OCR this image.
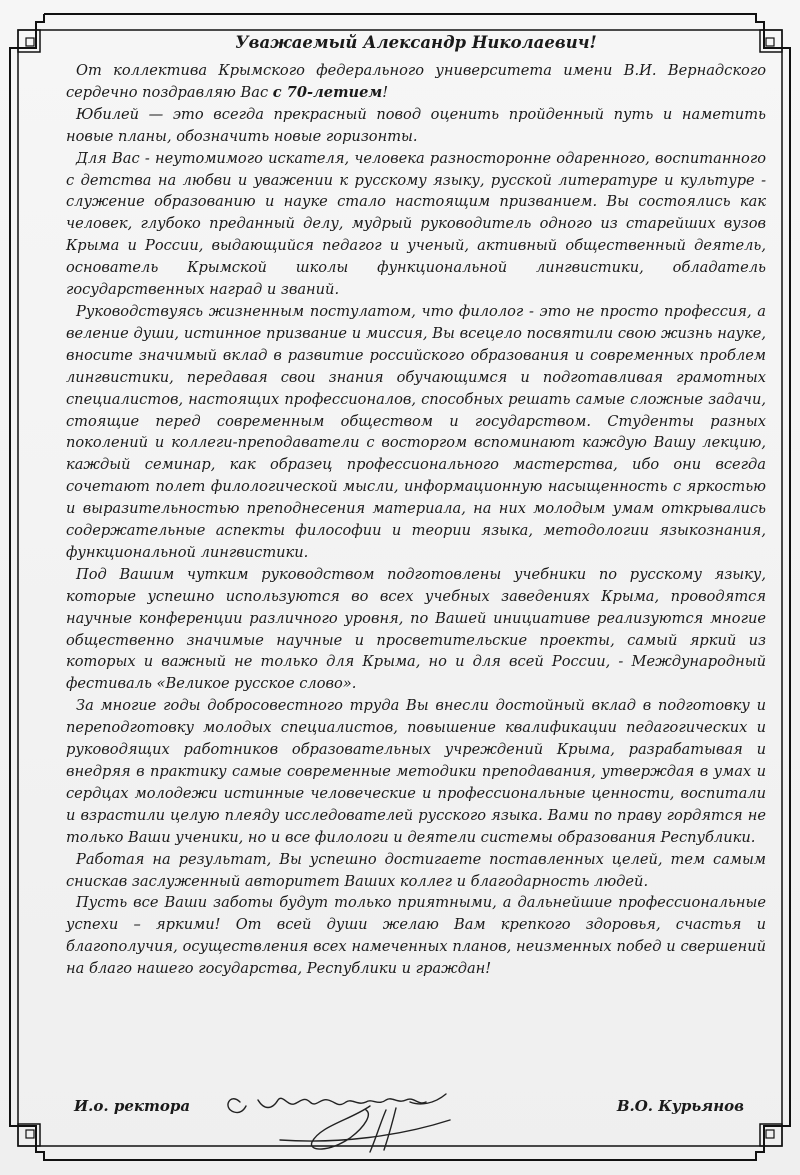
Уважаемый Александр Николаевич!

От коллектива Крымского федерального университета имени В.И. Вернадского сердечно поздравляю Вас с 70-летием!

Юбилей — это всегда прекрасный повод оценить пройденный путь и наметить новые планы, обозначить новые горизонты.

Для Вас - неутомимого искателя, человека разносторонне одаренного, воспитанного с детства на любви и уважении к русскому языку, русской литературе и культуре - служение образованию и науке стало настоящим призванием. Вы состоялись как человек, глубоко преданный делу, мудрый руководитель одного из старейших вузов Крыма и России, выдающийся педагог и ученый, активный общественный деятель, основатель Крымской школы функциональной лингвистики, обладатель государственных наград и званий.

Руководствуясь жизненным постулатом, что филолог - это не просто профессия, а веление души, истинное призвание и миссия, Вы всецело посвятили свою жизнь науке, вносите значимый вклад в развитие российского образования и современных проблем лингвистики, передавая свои знания обучающимся и подготавливая грамотных специалистов, настоящих профессионалов, способных решать самые сложные задачи, стоящие перед современным обществом и государством. Студенты разных поколений и коллеги-преподаватели с восторгом вспоминают каждую Вашу лекцию, каждый семинар, как образец профессионального мастерства, ибо они всегда сочетают полет филологической мысли, информационную насыщенность с яркостью и выразительностью преподнесения материала, на них молодым умам открывались содержательные аспекты философии и теории языка, методологии языкознания, функциональной лингвистики.

Под Вашим чутким руководством подготовлены учебники по русскому языку, которые успешно используются во всех учебных заведениях Крыма, проводятся научные конференции различного уровня, по Вашей инициативе реализуются многие общественно значимые научные и просветительские проекты, самый яркий из которых и важный не только для Крыма, но и для всей России, - Международный фестиваль «Великое русское слово».

За многие годы добросовестного труда Вы внесли достойный вклад в подготовку и переподготовку молодых специалистов, повышение квалификации педагогических и руководящих работников образовательных учреждений Крыма, разрабатывая и внедряя в практику самые современные методики преподавания, утверждая в умах и сердцах молодежи истинные человеческие и профессиональные ценности, воспитали и взрастили целую плеяду исследователей русского языка. Вами по праву гордятся не только Ваши ученики, но и все филологи и деятели системы образования Республики.

Работая на результат, Вы успешно достигаете поставленных целей, тем самым снискав заслуженный авторитет Ваших коллег и благодарность людей.

Пусть все Ваши заботы будут только приятными, а дальнейшие профессиональные успехи – яркими! От всей души желаю Вам крепкого здоровья, счастья и благополучия, осуществления всех намеченных планов, неизменных побед и свершений на благо нашего государства, Республики и граждан!

И.о. ректора	В.О. Курьянов
